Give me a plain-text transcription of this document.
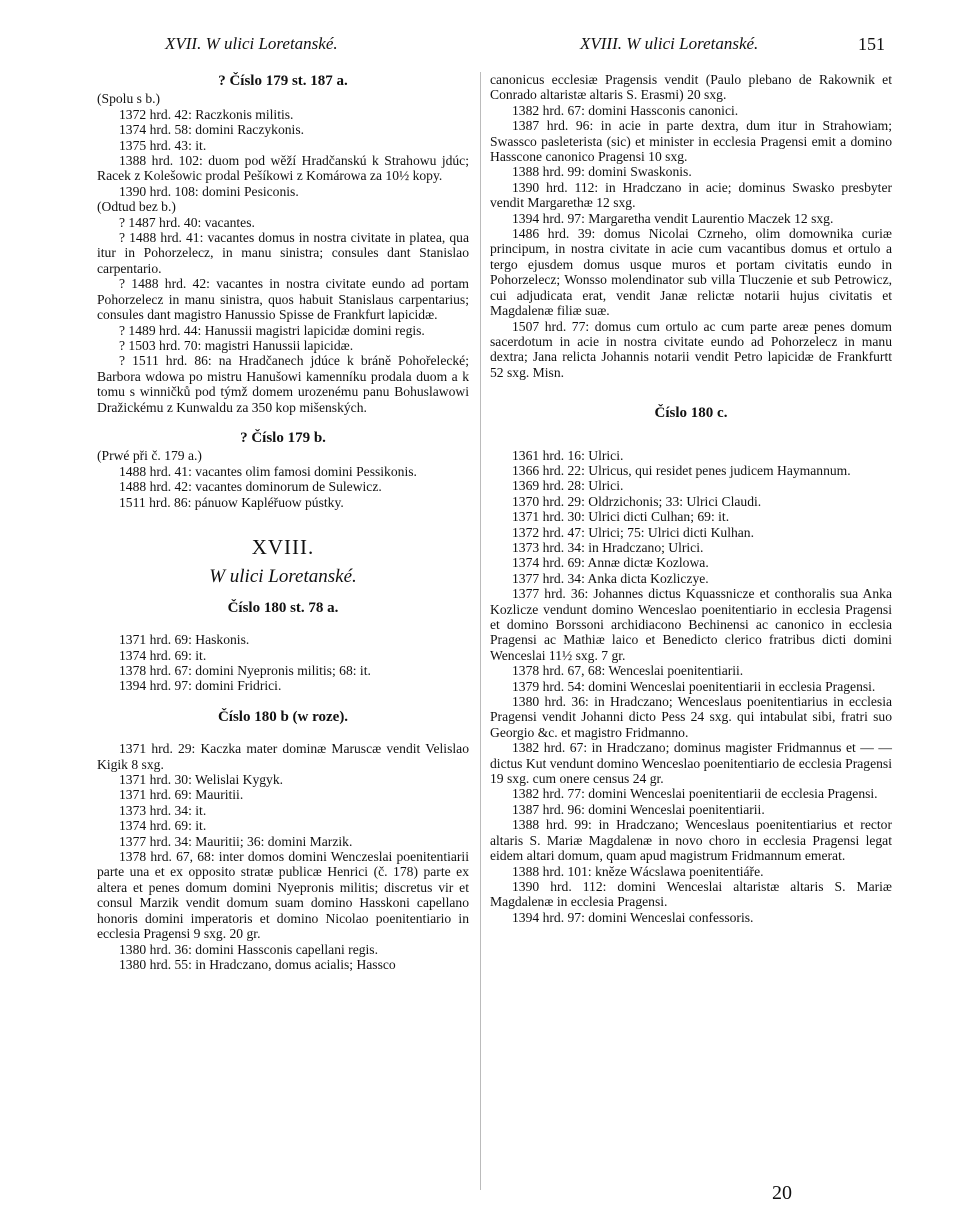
XVII. W ulici Loretanské.	XVIII. W ulici Loretanské.	151
? Číslo 179 st. 187 a.
(Spolu s b.)

1372 hrd. 42: Raczkonis militis.

1374 hrd. 58: domini Raczykonis.

1375 hrd. 43: it.

1388 hrd. 102: duom pod wěží Hradčanskú k Strahowu jdúc; Racek z Kolešowic prodal Pešíkowi z Komárowa za 10½ kopy.

1390 hrd. 108: domini Pesiconis.

(Odtud bez b.)

? 1487 hrd. 40: vacantes.

? 1488 hrd. 41: vacantes domus in nostra civitate in platea, qua itur in Pohorzelecz, in manu sinistra; consules dant Stanislao carpentario.

? 1488 hrd. 42: vacantes in nostra civitate eundo ad portam Pohorzelecz in manu sinistra, quos habuit Stanislaus carpentarius; consules dant magistro Hanussio Spisse de Frankfurt lapicidæ.

? 1489 hrd. 44: Hanussii magistri lapicidæ domini regis.

? 1503 hrd. 70: magistri Hanussii lapicidæ.

? 1511 hrd. 86: na Hradčanech jdúce k bráně Pohořelecké; Barbora wdowa po mistru Hanušowi kamenníku prodala duom a k tomu s winničků pod týmž domem urozenému panu Bohuslawowi Dražickému z Kunwaldu za 350 kop mišenských.

? Číslo 179 b.
(Prwé při č. 179 a.)

1488 hrd. 41: vacantes olim famosi domini Pessikonis.

1488 hrd. 42: vacantes dominorum de Sulewicz.

1511 hrd. 86: pánuow Kapléřuow pústky.

XVIII.
W ulici Loretanské.
Číslo 180 st. 78 a.

1371 hrd. 69: Haskonis.

1374 hrd. 69: it.

1378 hrd. 67: domini Nyepronis militis; 68: it.

1394 hrd. 97: domini Fridrici.

Číslo 180 b (w roze).

1371 hrd. 29: Kaczka mater dominæ Maruscæ vendit Velislao Kigik 8 sxg.

1371 hrd. 30: Welislai Kygyk.

1371 hrd. 69: Mauritii.

1373 hrd. 34: it.

1374 hrd. 69: it.

1377 hrd. 34: Mauritii; 36: domini Marzik.

1378 hrd. 67, 68: inter domos domini Wenczeslai poenitentiarii parte una et ex opposito stratæ publicæ Henrici (č. 178) parte ex altera et penes domum domini Nyepronis militis; discretus vir et consul Marzik vendit domum suam domino Hasskoni capellano honoris domini imperatoris et domino Nicolao poenitentiario in ecclesia Pragensi 9 sxg. 20 gr.

1380 hrd. 36: domini Hassconis capellani regis.

1380 hrd. 55: in Hradczano, domus acialis; Hassco

canonicus ecclesiæ Pragensis vendit (Paulo plebano de Rakownik et Conrado altaristæ altaris S. Erasmi) 20 sxg.

1382 hrd. 67: domini Hassconis canonici.

1387 hrd. 96: in acie in parte dextra, dum itur in Strahowiam; Swassco pasleterista (sic) et minister in ecclesia Pragensi emit a domino Hasscone canonico Pragensi 10 sxg.

1388 hrd. 99: domini Swaskonis.

1390 hrd. 112: in Hradczano in acie; dominus Swasko presbyter vendit Margarethæ 12 sxg.

1394 hrd. 97: Margaretha vendit Laurentio Maczek 12 sxg.

1486 hrd. 39: domus Nicolai Czrneho, olim domownika curiæ principum, in nostra civitate in acie cum vacantibus domus et ortulo a tergo ejusdem domus usque muros et portam civitatis eundo in Pohorzelecz; Wonsso molendinator sub villa Tluczenie et sub Petrowicz, cui adjudicata erat, vendit Janæ relictæ notarii hujus civitatis et Magdalenæ filiæ suæ.

1507 hrd. 77: domus cum ortulo ac cum parte areæ penes domum sacerdotum in acie in nostra civitate eundo ad Pohorzelecz in manu dextra; Jana relicta Johannis notarii vendit Petro lapicidæ de Frankfurtt 52 sxg. Misn.

Číslo 180 c.

1361 hrd. 16: Ulrici.

1366 hrd. 22: Ulricus, qui residet penes judicem Haymannum.

1369 hrd. 28: Ulrici.

1370 hrd. 29: Oldrzichonis; 33: Ulrici Claudi.

1371 hrd. 30: Ulrici dicti Culhan; 69: it.

1372 hrd. 47: Ulrici; 75: Ulrici dicti Kulhan.

1373 hrd. 34: in Hradczano; Ulrici.

1374 hrd. 69: Annæ dictæ Kozlowa.

1377 hrd. 34: Anka dicta Kozliczye.

1377 hrd. 36: Johannes dictus Kquassnicze et conthoralis sua Anka Kozlicze vendunt domino Wenceslao poenitentiario in ecclesia Pragensi et domino Borssoni archidiacono Bechinensi ac canonico in ecclesia Pragensi ac Mathiæ laico et Benedicto clerico fratribus dicti domini Wenceslai 11½ sxg. 7 gr.

1378 hrd. 67, 68: Wenceslai poenitentiarii.

1379 hrd. 54: domini Wenceslai poenitentiarii in ecclesia Pragensi.

1380 hrd. 36: in Hradczano; Wenceslaus poenitentiarius in ecclesia Pragensi vendit Johanni dicto Pess 24 sxg. qui intabulat sibi, fratri suo Georgio &c. et magistro Fridmanno.

1382 hrd. 67: in Hradczano; dominus magister Fridmannus et — — dictus Kut vendunt domino Wenceslao poenitentiario de ecclesia Pragensi 19 sxg. cum onere census 24 gr.

1382 hrd. 77: domini Wenceslai poenitentiarii de ecclesia Pragensi.

1387 hrd. 96: domini Wenceslai poenitentiarii.

1388 hrd. 99: in Hradczano; Wenceslaus poenitentiarius et rector altaris S. Mariæ Magdalenæ in novo choro in ecclesia Pragensi legat eidem altari domum, quam apud magistrum Fridmannum emerat.

1388 hrd. 101: kněze Wácslawa poenitentiáře.

1390 hrd. 112: domini Wenceslai altaristæ altaris S. Mariæ Magdalenæ in ecclesia Pragensi.

1394 hrd. 97: domini Wenceslai confessoris.

20
